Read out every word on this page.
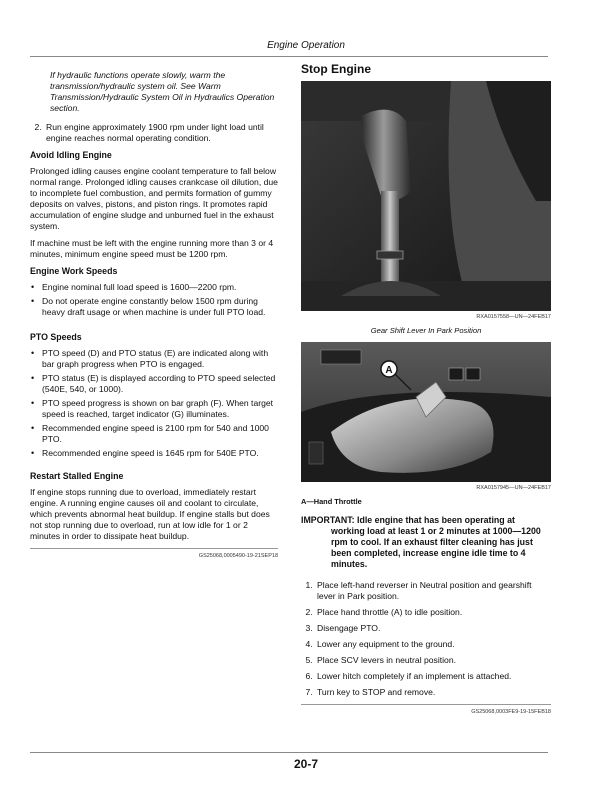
Engine Operation

If hydraulic functions operate slowly, warm the transmission/hydraulic system oil. See Warm Transmission/Hydraulic System Oil in Hydraulics Operation section.

2. Run engine approximately 1900 rpm under light load until engine reaches normal operating condition.
Avoid Idling Engine

Prolonged idling causes engine coolant temperature to fall below normal range. Prolonged idling causes crankcase oil dilution, due to incomplete fuel combustion, and permits formation of gummy deposits on valves, pistons, and piston rings. It promotes rapid accumulation of engine sludge and unburned fuel in the exhaust system.

If machine must be left with the engine running more than 3 or 4 minutes, minimum engine speed must be 1200 rpm.

Engine Work Speeds
• Engine nominal full load speed is 1600—2200 rpm.
• Do not operate engine constantly below 1500 rpm during heavy draft usage or when machine is under full PTO load.
PTO Speeds
• PTO speed (D) and PTO status (E) are indicated along with bar graph progress when PTO is engaged.
• PTO status (E) is displayed according to PTO speed selected (540E, 540, or 1000).
• PTO speed progress is shown on bar graph (F). When target speed is reached, target indicator (G) illuminates.
• Recommended engine speed is 2100 rpm for 540 and 1000 PTO.
• Recommended engine speed is 1645 rpm for 540E PTO.
Restart Stalled Engine

If engine stops running due to overload, immediately restart engine. A running engine causes oil and coolant to circulate, which prevents abnormal heat buildup. If engine stalls but does not stop running due to overload, run at low idle for 1 or 2 minutes in order to dissipate heat buildup.

GS25068,0005490-19-21SEP18
Stop Engine
RXA0157558—UN—24FEB17
Gear Shift Lever In Park Position
A
RXA0157945—UN—24FEB17
A—Hand Throttle
IMPORTANT: Idle engine that has been operating at working load at least 1 or 2 minutes at 1000—1200 rpm to cool. If an exhaust filter cleaning has just been completed, increase engine idle time to 4 minutes.
1. Place left-hand reverser in Neutral position and gearshift lever in Park position.
2. Place hand throttle (A) to idle position.
3. Disengage PTO.
4. Lower any equipment to the ground.
5. Place SCV levers in neutral position.
6. Lower hitch completely if an implement is attached.
7. Turn key to STOP and remove.
GS25068,0003FE9-19-15FEB18
20-7
